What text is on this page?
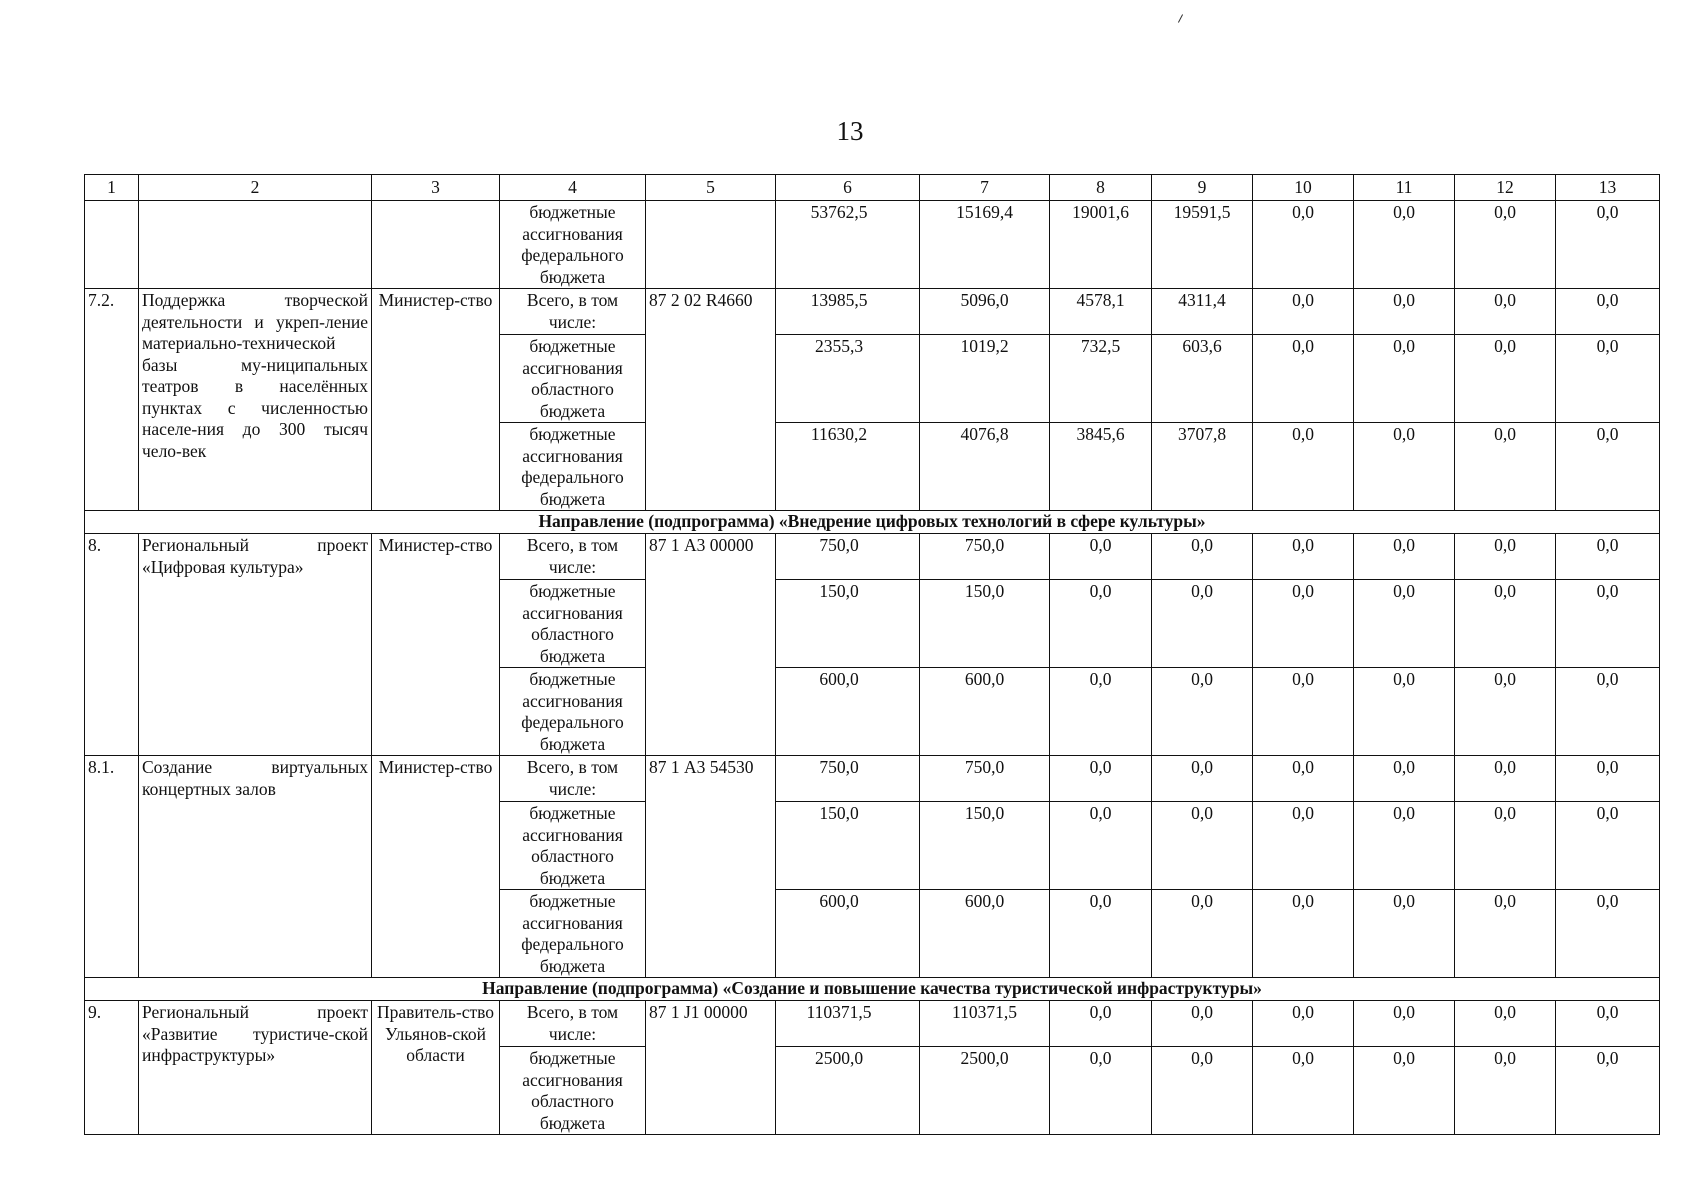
13
1	2	3	4	5	6	7	8	9	10	11	12	13
			бюджетные ассигнования федерального бюджета		53762,5	15169,4	19001,6	19591,5	0,0	0,0	0,0	0,0
7.2.	Поддержка творческой деятельности и укреп-ление материально-технической базы му-ниципальных театров в населённых пунктах с численностью населе-ния до 300 тысяч чело-век	Министер-ство	Всего, в том числе:	87 2 02 R4660	13985,5	5096,0	4578,1	4311,4	0,0	0,0	0,0	0,0
			бюджетные ассигнования областного бюджета		2355,3	1019,2	732,5	603,6	0,0	0,0	0,0	0,0
			бюджетные ассигнования федерального бюджета		11630,2	4076,8	3845,6	3707,8	0,0	0,0	0,0	0,0
Направление (подпрограмма) «Внедрение цифровых технологий в сфере культуры»												
8.	Региональный проект «Цифровая культура»	Министер-ство	Всего, в том числе:	87 1 А3 00000	750,0	750,0	0,0	0,0	0,0	0,0	0,0	0,0
			бюджетные ассигнования областного бюджета		150,0	150,0	0,0	0,0	0,0	0,0	0,0	0,0
			бюджетные ассигнования федерального бюджета		600,0	600,0	0,0	0,0	0,0	0,0	0,0	0,0
8.1.	Создание виртуальных концертных залов	Министер-ство	Всего, в том числе:	87 1 А3 54530	750,0	750,0	0,0	0,0	0,0	0,0	0,0	0,0
			бюджетные ассигнования областного бюджета		150,0	150,0	0,0	0,0	0,0	0,0	0,0	0,0
			бюджетные ассигнования федерального бюджета		600,0	600,0	0,0	0,0	0,0	0,0	0,0	0,0
Направление (подпрограмма) «Создание и повышение качества туристической инфраструктуры»												
9.	Региональный проект «Развитие туристиче-ской инфраструктуры»	Правитель-ство Ульянов-ской области	Всего, в том числе:	87 1 J1 00000	110371,5	110371,5	0,0	0,0	0,0	0,0	0,0	0,0
			бюджетные ассигнования областного бюджета		2500,0	2500,0	0,0	0,0	0,0	0,0	0,0	0,0
